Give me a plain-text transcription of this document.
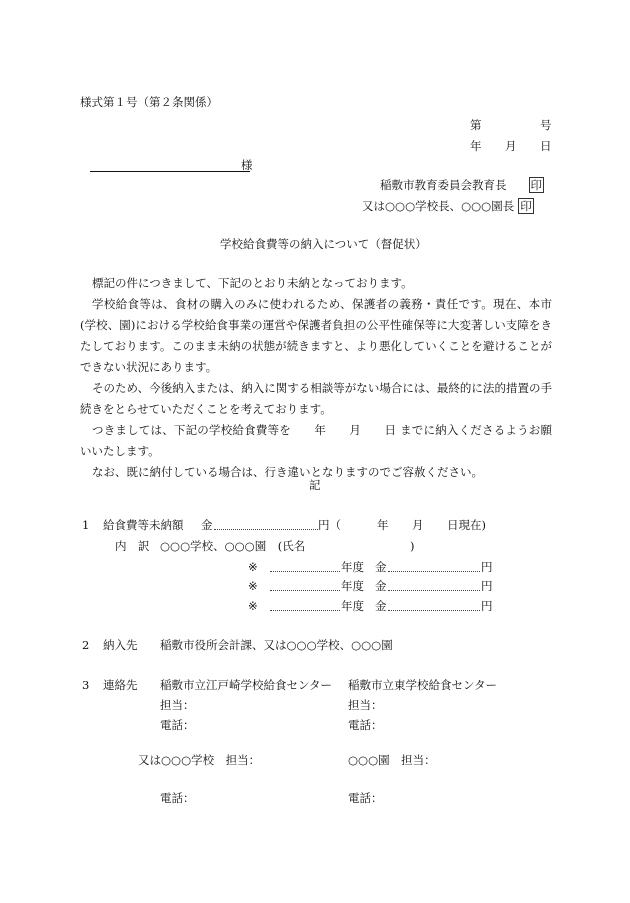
様式第１号（第２条関係）
第	号
年 月 日
様
稲敷市教育委員会教育長 印
又は○○○学校長、○○○園長 印
学校給食費等の納入について（督促状）
標記の件につきまして、下記のとおり未納となっております。
学校給食等は、食材の購入のみに使われるため、保護者の義務・責任です。現在、本市(学校、園)における学校給食事業の運営や保護者負担の公平性確保等に大変著しい支障をきたしております。このまま未納の状態が続きますと、より悪化していくことを避けることができない状況にあります。
そのため、今後納入または、納入に関する相談等がない場合には、最終的に法的措置の手続きをとらせていただくことを考えております。
つきましては、下記の学校給食費等を　　年　　月　　日 までに納入くださるようお願いいたします。
なお、既に納付している場合は、行き違いとなりますのでご容赦ください。
記
1 給食費等未納額 金	円（	年 月 日現在)
内　訳 ○○○学校、○○○園　(氏名	)
※	年度 金	円
※	年度 金	円
※	年度 金	円
2 納入先 稲敷市役所会計課、又は○○○学校、○○○園
3 連絡先 稲敷市立江戸崎学校給食センター 稲敷市立東学校給食センター
担当：	担当：
電話：	電話：
又は○○○学校　担当：	○○○園　担当：
電話：	電話：
